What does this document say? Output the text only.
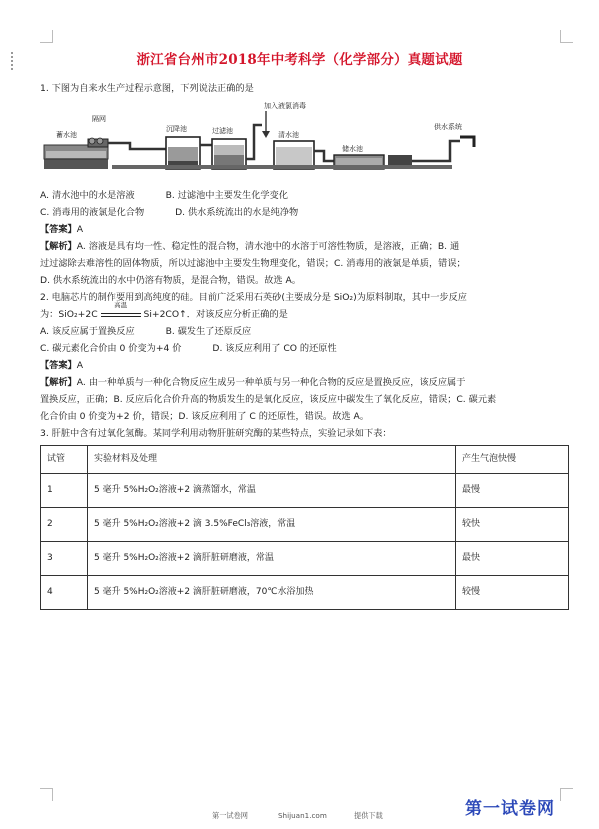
浙江省台州市2018年中考科学（化学部分）真题试题
1. 下图为自来水生产过程示意图，下列说法正确的是
蓄水池
隔网
沉降池	过滤池
加入液氯消毒
清水池
储水池
供水系统
A. 清水池中的水是溶液	B. 过滤池中主要发生化学变化
C. 消毒用的液氯是化合物	D. 供水系统流出的水是纯净物
【答案】A
【解析】A. 溶液是具有均一性、稳定性的混合物，清水池中的水溶于可溶性物质，是溶液，正确；B. 通
过过滤除去难溶性的固体物质，所以过滤池中主要发生物理变化，错误；C. 消毒用的液氯是单质，错误；
D. 供水系统流出的水中仍溶有物质，是混合物，错误。故选 A。
2. 电脑芯片的制作要用到高纯度的硅。目前广泛采用石英砂(主要成分是 SiO₂)为原料制取，其中一步反应
为：SiO₂+2C
高温
Si+2CO↑．对该反应分析正确的是
A. 该反应属于置换反应	B. 碳发生了还原反应
C. 碳元素化合价由 0 价变为+4 价	D. 该反应利用了 CO 的还原性
【答案】A
【解析】A. 由一种单质与一种化合物反应生成另一种单质与另一种化合物的反应是置换反应，该反应属于
置换反应，正确；B. 反应后化合价升高的物质发生的是氧化反应，该反应中碳发生了氧化反应，错误；C. 碳元素
化合价由 0 价变为+2 价，错误；D. 该反应利用了 C 的还原性，错误。故选 A。
3. 肝脏中含有过氧化氢酶。某同学利用动物肝脏研究酶的某些特点，实验记录如下表：
试管	实验材料及处理	产生气泡快慢
1	5 毫升 5%H₂O₂溶液+2 滴蒸馏水，常温	最慢
2	5 毫升 5%H₂O₂溶液+2 滴 3.5%FeCl₃溶液，常温	较快
3	5 毫升 5%H₂O₂溶液+2 滴肝脏研磨液，常温	最快
4	5 毫升 5%H₂O₂溶液+2 滴肝脏研磨液，70℃水浴加热	较慢
第一试卷网
第一试卷网	Shijuan1.com	提供下载
